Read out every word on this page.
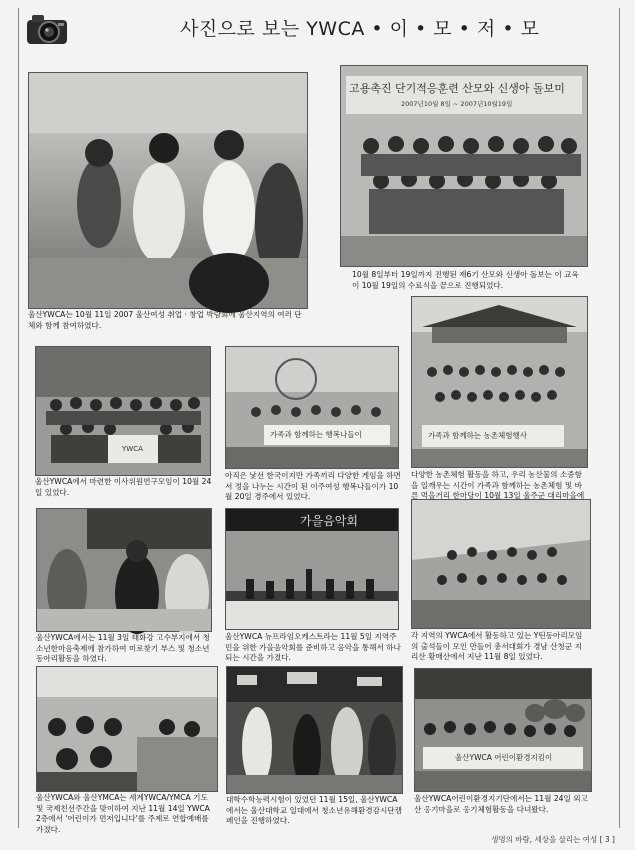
사진으로 보는 YWCA • 이 • 모 • 저 • 모
울산YWCA는 10월 11일 2007 울산여성 취업 · 창업 박람회에 울산지역의 여러 단체와 함께 참여하였다.
고용촉진 단기적응훈련 산모와 신생아 돌보미
2007년10월 8일 ~ 2007년10월19일
10월 8일부터 19일까지 진행된 제6기 산모와 신생아 돌보는 이 교육이 10월 19일의 수료식을 끝으로 진행되었다.
YWCA
울산YWCA에서 마련한 이사위원연구모임이 10월 24일 있었다.
가족과 함께하는 행복나들이
아직은 낯선 한국이지만 가족끼리 다양한 게임을 하면서 정을 나누는 시간이 된 이주여성 행복나들이가 10월 20일 경주에서 있었다.
가족과 함께하는 농촌체험행사
다양한 농촌체험 활동을 하고, 우리 농산물의 소중함을 일깨우는 시간이 가족과 함께하는 농촌체험 및 바른 먹을거리 한마당이 10월 13일 울주군 대리마을에
울산YWCA에서는 11월 3일 태화강 고수부지에서 청소년한마음축제에 참가하여 미로찾기 부스 및 청소년동아리활동을 하였다.
가을음악회
울산YWCA 뉴프라임오케스트라는 11월 5일 지역주민을 위한 가을음악회를 준비하고 음악을 통해서 하나되는 시간을 가졌다.
각 지역의 YWCA에서 활동하고 있는 Y틴동아리모임의 출석들이 모인 만들어 총서대회가 경남 산청군 지리산 황매산에서 지난 11월 8일 있었다.
울산YWCA와 울산YMCA는 세계YWCA/YMCA 기도 및 국제친선주간을 맞이하여 지난 11월 14일 YWCA 2층에서 '어린이가 먼저입니다'를 주제로 연합예배를 가졌다.
대학수학능력시험이 있었던 11월 15일, 울산YWCA에서는 울산대학교 일대에서 청소년유해환경감시단캠페인을 진행하였다.
울산YWCA 어린이환경지킴이
울산YWCA어린이환경지기단에서는 11월 24일 외고산 옹기마을로 옹기체험활동을 다녀왔다.
생명의 바람, 세상을 살리는 여성 [ 3 ]
